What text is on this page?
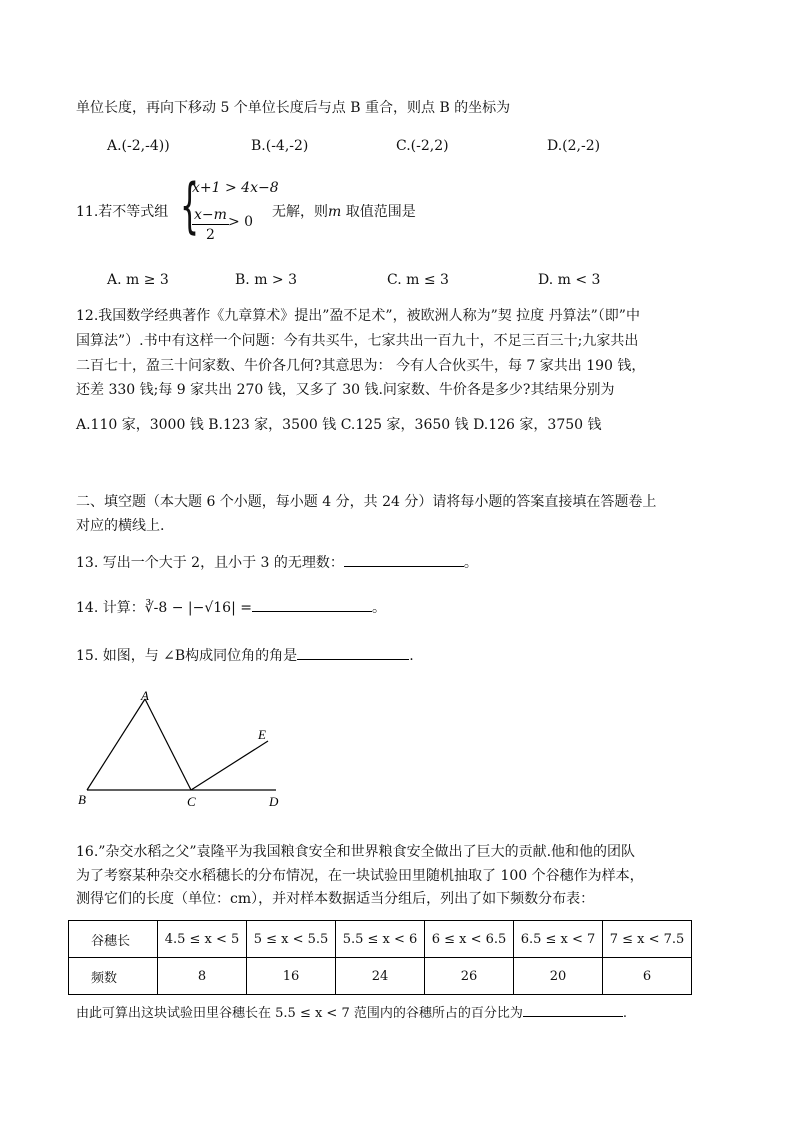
单位长度，再向下移动 5 个单位长度后与点 B 重合，则点 B 的坐标为
A.(-2,-4))	B.(-4,-2)	C.(-2,2)	D.(2,-2)
11.若不等式组 {
x+1 > 4x−8
$\frac{x-m}{2} > 0$
无解，则m 取值范围是
A. m ≥ 3	B. m > 3	C. m ≤ 3	D. m < 3
12.我国数学经典著作《九章算术》提出”盈不足术”，被欧洲人称为”契 拉度 丹算法”（即”中
国算法”）.书中有这样一个问题：今有共买牛，七家共出一百九十，不足三百三十;九家共出
二百七十，盈三十问家数、牛价各几何?其意思为： 今有人合伙买牛，每 7 家共出 190 钱，
还差 330 钱;每 9 家共出 270 钱，又多了 30 钱.问家数、牛价各是多少?其结果分别为
A.110 家，3000 钱 B.123 家，3500 钱 C.125 家，3650 钱 D.126 家，3750 钱
二、填空题（本大题 6 个小题，每小题 4 分，共 24 分）请将每小题的答案直接填在答题卷上
对应的横线上.
13. 写出一个大于 2，且小于 3 的无理数：	。
14. 计算：∛-8 − |−√16| =	。
15. 如图，与 ∠B构成同位角的角是	.
A
B	C	D
E
16.”杂交水稻之父”袁隆平为我国粮食安全和世界粮食安全做出了巨大的贡献.他和他的团队
为了考察某种杂交水稻穗长的分布情况，在一块试验田里随机抽取了 100 个谷穗作为样本，
测得它们的长度（单位：cm），并对样本数据适当分组后，列出了如下频数分布表：
谷穗长	4.5 ≤ x < 5	5 ≤ x < 5.5	5.5 ≤ x < 6	6 ≤ x < 6.5	6.5 ≤ x < 7	7 ≤ x < 7.5
频数	8	16	24	26	20	6
由此可算出这块试验田里谷穗长在 5.5 ≤ x < 7 范围内的谷穗所占的百分比为	.
